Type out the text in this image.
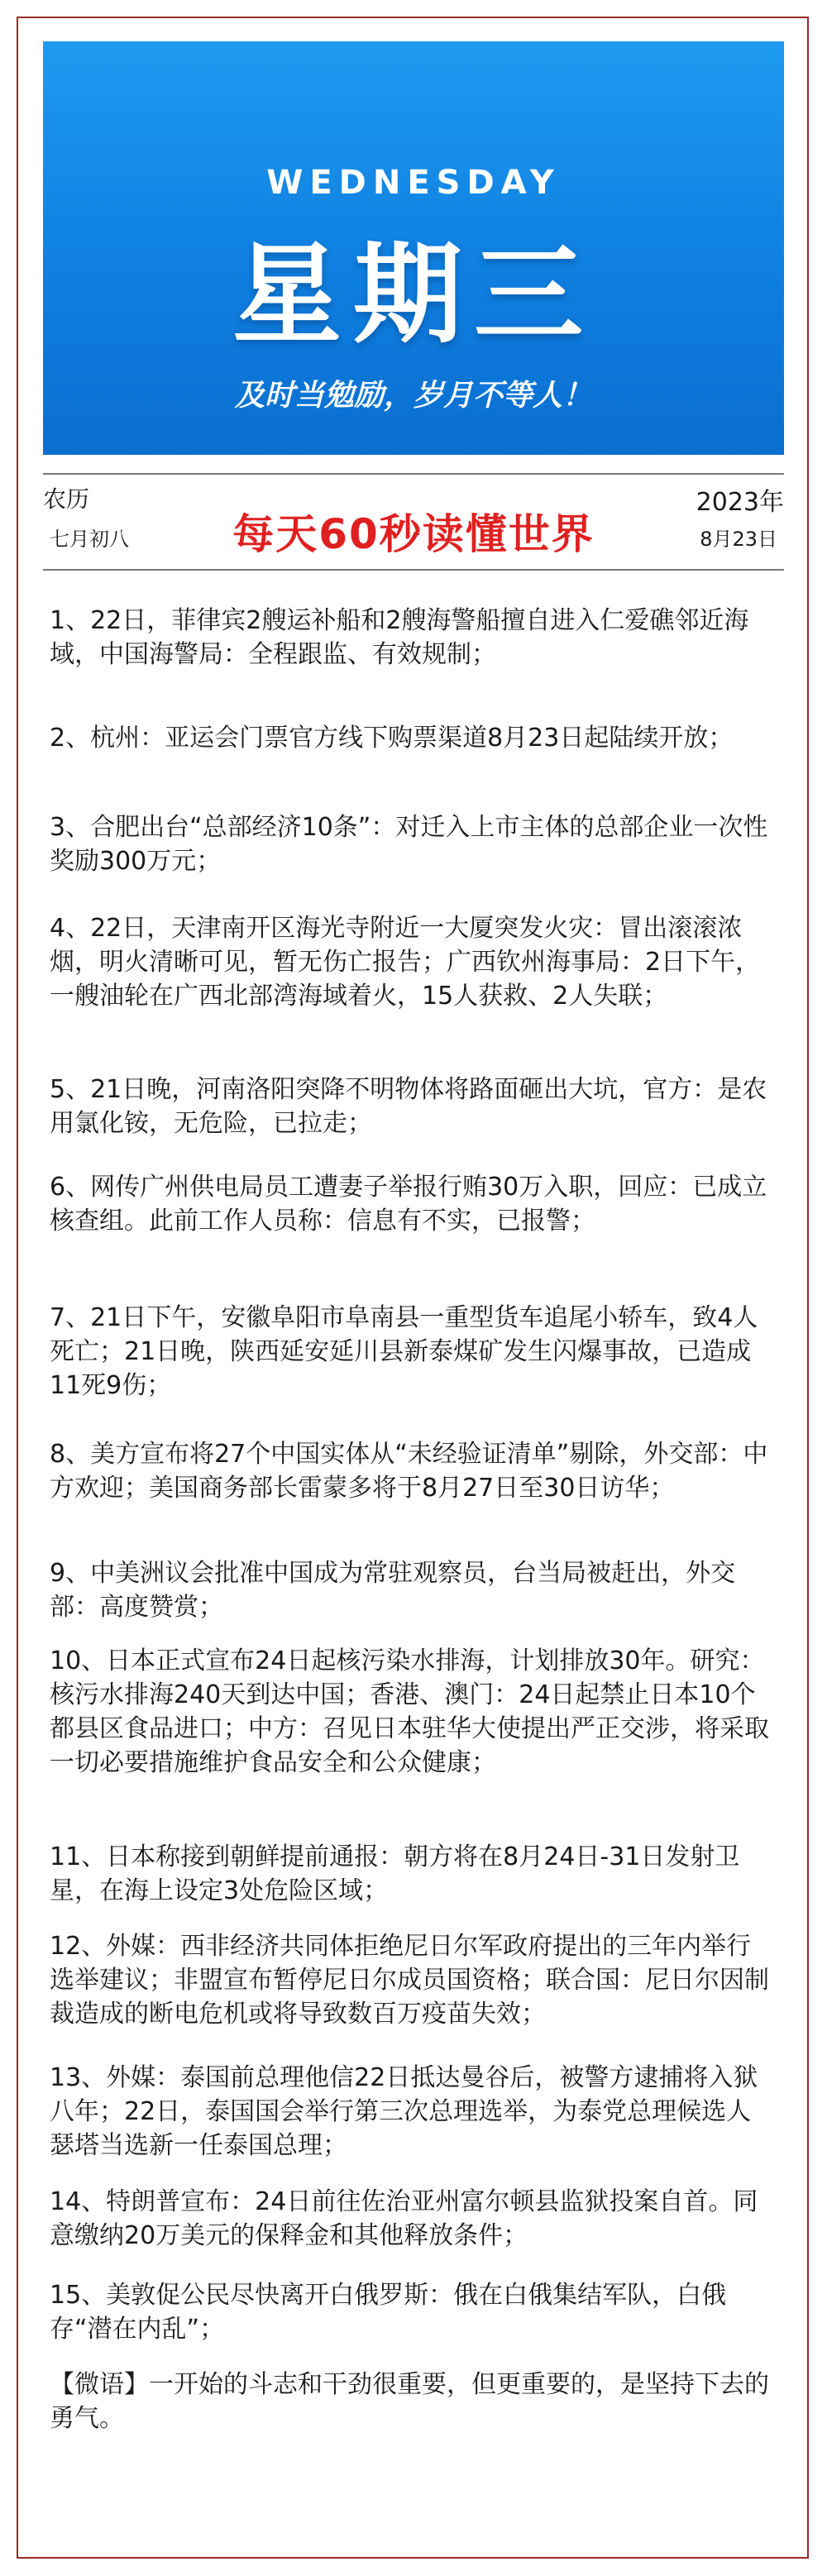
WEDNESDAY
星期三
及时当勉励，岁月不等人！
农历
七月初八	每天60秒读懂世界
2023年
8月23日
1、22日，菲律宾2艘运补船和2艘海警船擅自进入仁爱礁邻近海域，中国海警局：全程跟监、有效规制；
2、杭州：亚运会门票官方线下购票渠道8月23日起陆续开放；
3、合肥出台“总部经济10条”：对迁入上市主体的总部企业一次性奖励300万元；
4、22日，天津南开区海光寺附近一大厦突发火灾：冒出滚滚浓烟，明火清晰可见，暂无伤亡报告；广西钦州海事局：2日下午，一艘油轮在广西北部湾海域着火，15人获救、2人失联；
5、21日晚，河南洛阳突降不明物体将路面砸出大坑，官方：是农用氯化铵，无危险，已拉走；
6、网传广州供电局员工遭妻子举报行贿30万入职，回应：已成立核查组。此前工作人员称：信息有不实，已报警；
7、21日下午，安徽阜阳市阜南县一重型货车追尾小轿车，致4人死亡；21日晚，陕西延安延川县新泰煤矿发生闪爆事故，已造成11死9伤；
8、美方宣布将27个中国实体从“未经验证清单”剔除，外交部：中方欢迎；美国商务部长雷蒙多将于8月27日至30日访华；
9、中美洲议会批准中国成为常驻观察员，台当局被赶出，外交部：高度赞赏；
10、日本正式宣布24日起核污染水排海，计划排放30年。研究：核污水排海240天到达中国；香港、澳门：24日起禁止日本10个都县区食品进口；中方：召见日本驻华大使提出严正交涉，将采取一切必要措施维护食品安全和公众健康；
11、日本称接到朝鲜提前通报：朝方将在8月24日-31日发射卫星，在海上设定3处危险区域；
12、外媒：西非经济共同体拒绝尼日尔军政府提出的三年内举行选举建议；非盟宣布暂停尼日尔成员国资格；联合国：尼日尔因制裁造成的断电危机或将导致数百万疫苗失效；
13、外媒：泰国前总理他信22日抵达曼谷后，被警方逮捕将入狱八年；22日，泰国国会举行第三次总理选举，为泰党总理候选人瑟塔当选新一任泰国总理；
14、特朗普宣布：24日前往佐治亚州富尔顿县监狱投案自首。同意缴纳20万美元的保释金和其他释放条件；
15、美敦促公民尽快离开白俄罗斯：俄在白俄集结军队，白俄存“潜在内乱”；
【微语】一开始的斗志和干劲很重要，但更重要的，是坚持下去的勇气。
